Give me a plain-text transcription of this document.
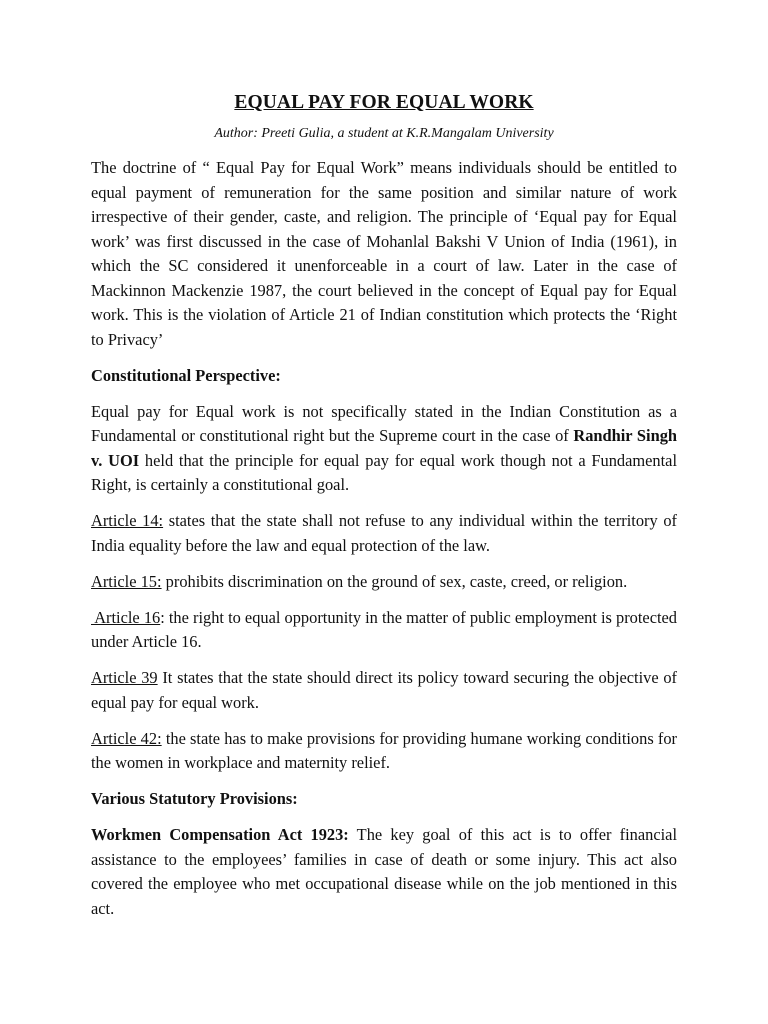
EQUAL PAY FOR EQUAL WORK
Author: Preeti Gulia, a student at K.R.Mangalam University

The doctrine of “ Equal Pay for Equal Work” means individuals should be entitled to equal payment of remuneration for the same position and similar nature of work irrespective of their gender, caste, and religion. The principle of ‘Equal pay for Equal work’ was first discussed in the case of Mohanlal Bakshi V Union of India (1961), in which the SC considered it unenforceable in a court of law. Later in the case of Mackinnon Mackenzie 1987, the court believed in the concept of Equal pay for Equal work. This is the violation of Article 21 of Indian constitution which protects the ‘Right to Privacy’

Constitutional Perspective:

Equal pay for Equal work is not specifically stated in the Indian Constitution as a Fundamental or constitutional right but the Supreme court in the case of Randhir Singh v. UOI held that the principle for equal pay for equal work though not a Fundamental Right, is certainly a constitutional goal.

Article 14: states that the state shall not refuse to any individual within the territory of India equality before the law and equal protection of the law.

Article 15: prohibits discrimination on the ground of sex, caste, creed, or religion.

Article 16: the right to equal opportunity in the matter of public employment is protected under Article 16.

Article 39 It states that the state should direct its policy toward securing the objective of equal pay for equal work.

Article 42: the state has to make provisions for providing humane working conditions for the women in workplace and maternity relief.

Various Statutory Provisions:

Workmen Compensation Act 1923: The key goal of this act is to offer financial assistance to the employees’ families in case of death or some injury. This act also covered the employee who met occupational disease while on the job mentioned in this act.
